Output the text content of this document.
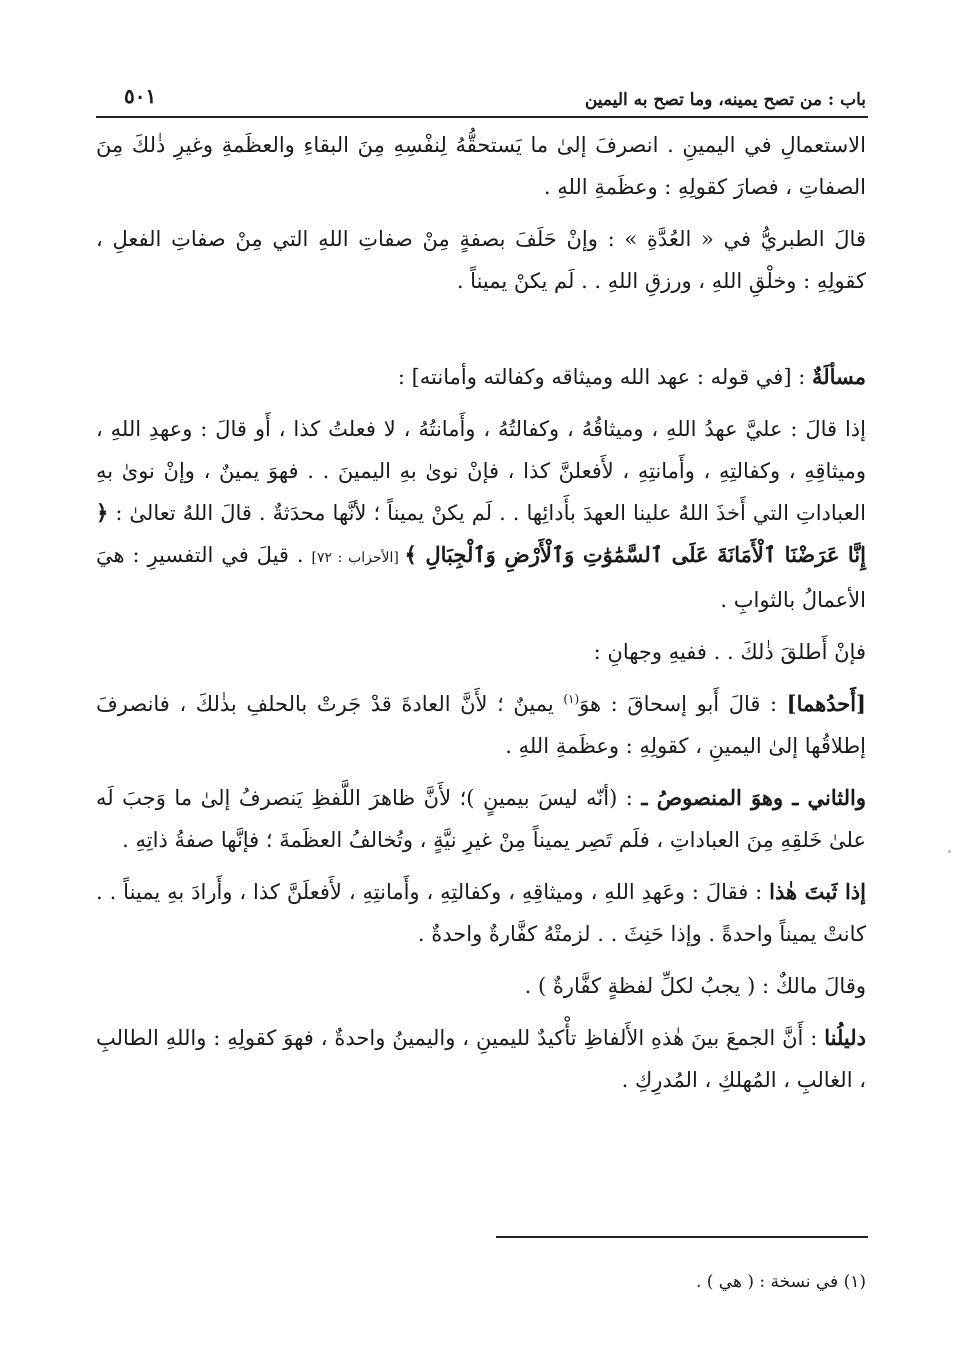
باب : من تصح يمينه، وما تصح به اليمين
٥٠١

الاستعمالِ في اليمينِ . انصرفَ إلىٰ ما يَستحقُّهُ لِنفْسِهِ مِنَ البقاءِ والعظَمةِ وغيرِ ذٰلكَ مِنَ الصفاتِ ، فصارَ كقولِهِ : وعظَمةِ اللهِ .

قالَ الطبريُّ في « العُدَّةِ » : وإنْ حَلَفَ بصفةٍ مِنْ صفاتِ اللهِ التي مِنْ صفاتِ الفعلِ ، كقولِهِ : وخلْقِ اللهِ ، ورزقِ اللهِ . . لَم يكنْ يميناً .

مسألَةٌ : [في قوله : عهد الله وميثاقه وكفالته وأمانته] :

إذا قالَ : عليَّ عهدُ اللهِ ، وميثاقُهُ ، وكفالتُهُ ، وأَمانتُهُ ، لا فعلتُ كذا ، أَو قالَ : وعهدِ اللهِ ، وميثاقِهِ ، وكفالتِهِ ، وأَمانتِهِ ، لأَفعلنَّ كذا ، فإنْ نوىٰ بهِ اليمينَ . . فهوَ يمينٌ ، وإنْ نوىٰ بهِ العباداتِ التي أَخذَ اللهُ علينا العهدَ بأَدائِها . . لَم يكنْ يميناً ؛ لأنَّها محدَثةٌ . قالَ اللهُ تعالىٰ : ﴿ إِنَّا عَرَضْنَا ٱلْأَمَانَةَ عَلَى ٱلسَّمَٰوَٰتِ وَٱلْأَرْضِ وَٱلْجِبَالِ ﴾ [الأحزاب : ٧٢] . قيلَ في التفسيرِ : هيَ الأعمالُ بالثوابِ .

فإنْ أَطلقَ ذٰلكَ . . ففيهِ وجهانِ :

[أَحدُهما] : قالَ أَبو إسحاقَ : هوَ$^{(١)}$ يمينٌ ؛ لأَنَّ العادةَ قدْ جَرتْ بالحلفِ بذٰلكَ ، فانصرفَ إطلاقُها إلىٰ اليمينِ ، كقولِهِ : وعظَمةِ اللهِ .

والثاني ـ وهوَ المنصوصُ ـ : (أنّه ليسَ بيمينٍ )؛ لأَنَّ ظاهرَ اللَّفظِ يَنصرفُ إلىٰ ما وَجبَ لَه علىٰ خَلقِهِ مِنَ العباداتِ ، فلَم تَصِر يميناً مِنْ غيرِ نيَّةٍ ، وتُخالفُ العظَمةَ ؛ فإنَّها صفةُ ذاتِهِ .

إذا ثَبتَ هٰذا : فقالَ : وعَهدِ اللهِ ، وميثاقِهِ ، وكفالتِهِ ، وأَمانتِهِ ، لأَفعلَنَّ كذا ، وأَرادَ بهِ يميناً . . كانتْ يميناً واحدةً . وإذا حَنِثَ . . لزمتْهُ كفَّارةٌ واحدةٌ .

وقالَ مالكٌ : ( يجبُ لكلِّ لفظةٍ كفَّارةٌ ) .

دليلُنا : أَنَّ الجمعَ بينَ هٰذهِ الأَلفاظِ تأْكيدٌ لليمينِ ، واليمينُ واحدةٌ ، فهوَ كقولِهِ : واللهِ الطالبِ ، الغالبِ ، المُهلكِ ، المُدرِكِ .

(١) في نسخة : ( هي ) .
